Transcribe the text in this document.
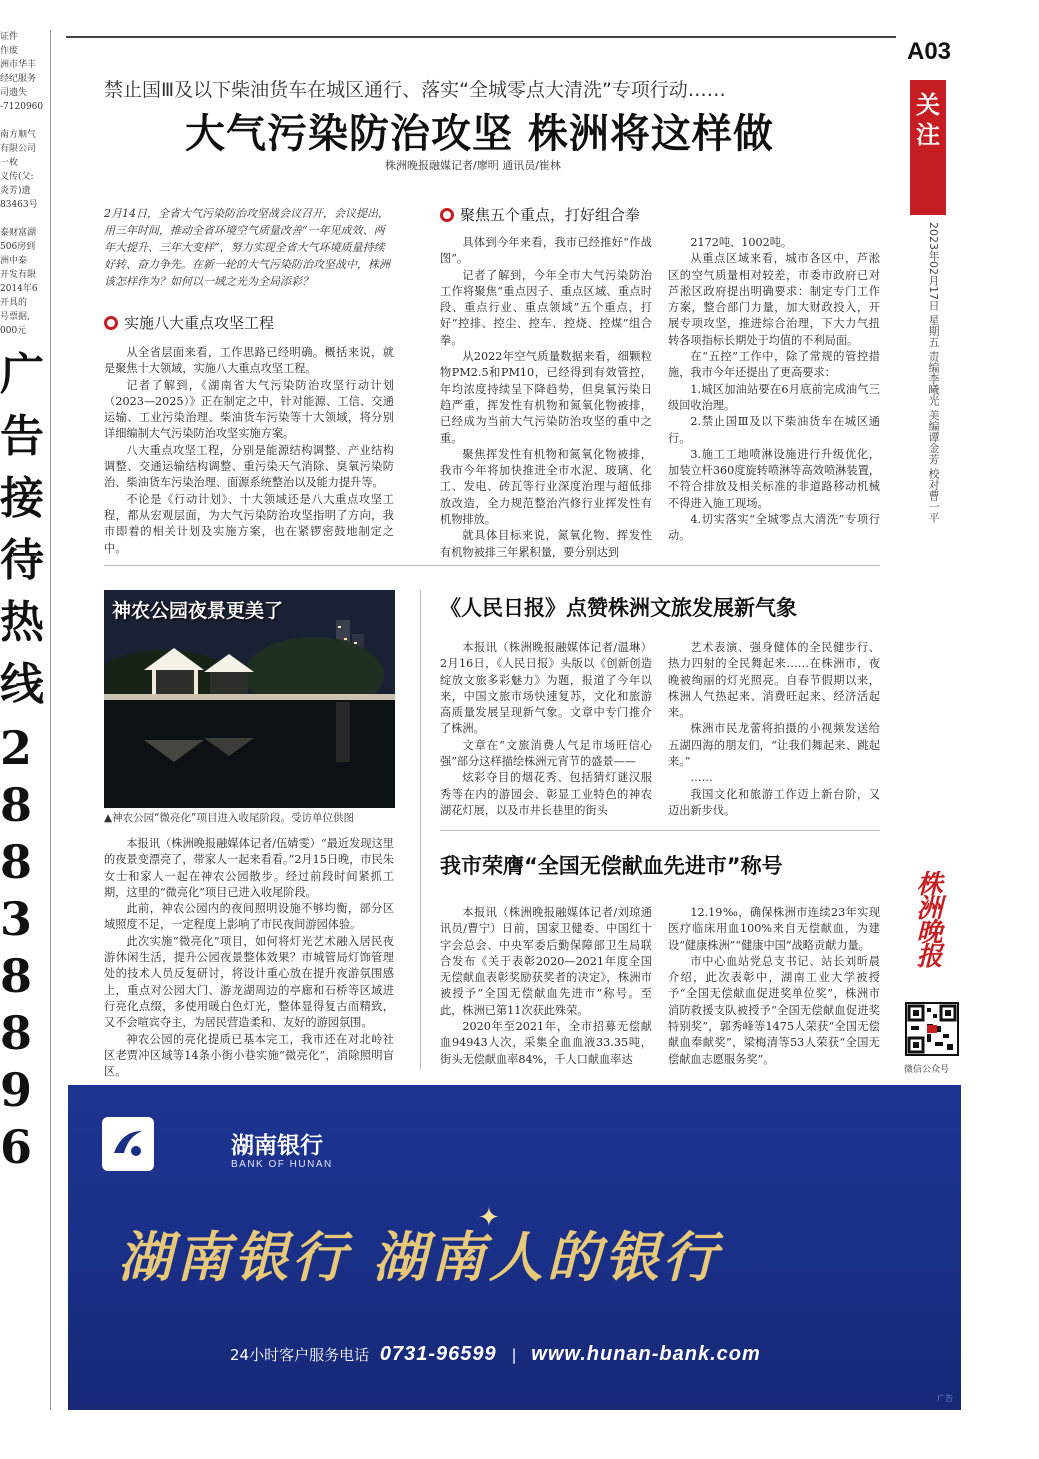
证件
作废
洲市华丰
经纪服务
司遗失
-7120960

南方顺气
有限公司
一枚
义传(父:
炎芳)遗
83463号

泰财富湖
506房到
洲中泰
开发有限
2014年6
开具的
号票据,
000元
广
告
接
待
热
线
2
8
8
3
8
8
9
6
A03
关注
2023年02月17日 星期五 责编李曦光 美编谭金芳 校对曹一平
禁止国Ⅲ及以下柴油货车在城区通行、落实“全城零点大清洗”专项行动……
大气污染防治攻坚 株洲将这样做
株洲晚报融媒记者/廖明 通讯员/崔林
2月14日，全省大气污染防治攻坚战会议召开，会议提出，用三年时间，推动全省环境空气质量改善“一年见成效、两年大提升、三年大变样”，努力实现全省大气环境质量持续好转、奋力争先。在新一轮的大气污染防治攻坚战中，株洲该怎样作为？如何以一域之光为全局添彩？
实施八大重点攻坚工程

从全省层面来看，工作思路已经明确。概括来说，就是聚焦十大领域，实施八大重点攻坚工程。

记者了解到，《湖南省大气污染防治攻坚行动计划（2023—2025）》正在制定之中，针对能源、工信、交通运输、工业污染治理、柴油货车污染等十大领域，将分别详细编制大气污染防治攻坚实施方案。

八大重点攻坚工程，分别是能源结构调整、产业结构调整、交通运输结构调整、重污染天气消除、臭氧污染防治、柴油货车污染治理、面源系统整治以及能力提升等。

不论是《行动计划》、十大领域还是八大重点攻坚工程，都从宏观层面，为大气污染防治攻坚指明了方向，我市即着的相关计划及实施方案，也在紧锣密鼓地制定之中。

聚焦五个重点，打好组合拳

具体到今年来看，我市已经推好“作战图”。

记者了解到，今年全市大气污染防治工作将聚焦“重点因子、重点区域、重点时段、重点行业、重点领域”五个重点，打好“控排、控尘、控车、控烧、控煤”组合拳。

从2022年空气质量数据来看，细颗粒物PM2.5和PM10，已经得到有效管控，年均浓度持续呈下降趋势，但臭氧污染日趋严重，挥发性有机物和氮氧化物被排，已经成为当前大气污染防治攻坚的重中之重。

聚焦挥发性有机物和氮氧化物被排，我市今年将加快推进全市水泥、玻璃、化工、发电、砖瓦等行业深度治理与超低排放改造，全力规范整治汽修行业挥发性有机物排放。

就具体目标来说，氮氧化物、挥发性有机物被排三年累积量，要分别达到

2172吨、1002吨。

从重点区域来看，城市各区中，芦淞区的空气质量相对较差，市委市政府已对芦淞区政府提出明确要求：制定专门工作方案，整合部门力量，加大财政投入，开展专项攻坚，推进综合治理，下大力气扭转各项指标长期处于均值的不利局面。

在“五控”工作中，除了常规的管控措施，我市今年还提出了更高要求：

1.城区加油站要在6月底前完成油气三级回收治理。

2.禁止国Ⅲ及以下柴油货车在城区通行。

3.施工工地喷淋设施进行升级优化，加装立杆360度旋转喷淋等高效喷淋装置，不符合排放及相关标准的非道路移动机械不得进入施工现场。

4.切实落实“全城零点大清洗”专项行动。

神农公园夜景更美了
▲神农公园“微亮化”项目进入收尾阶段。受访单位供图

本报讯（株洲晚报融媒体记者/伍婧雯）“最近发现这里的夜景变漂亮了，带家人一起来看看。”2月15日晚，市民朱女士和家人一起在神农公园散步。经过前段时间紧抓工期，这里的“微亮化”项目已进入收尾阶段。

此前，神农公园内的夜间照明设施不够均衡，部分区域照度不足，一定程度上影响了市民夜间游园体验。

此次实施“微亮化”项目，如何将灯光艺术融入居民夜游休闲生活，提升公园夜景整体效果？市城管局灯饰管理处的技术人员反复研讨，将设计重心放在提升夜游氛围感上，重点对公园大门、游龙湖周边的亭廊和石桥等区域进行亮化点缀，多使用暖白色灯光，整体显得复古而精致，又不会喧宾夺主，为居民营造柔和、友好的游园氛围。

神农公园的亮化提质已基本完工，我市还在对北岭社区老贾冲区域等14条小街小巷实施“微亮化”，消除照明盲区。

《人民日报》点赞株洲文旅发展新气象

本报讯（株洲晚报融媒体记者/温琳）2月16日，《人民日报》头版以《创新创造绽放文旅多彩魅力》为题，报道了今年以来，中国文旅市场快速复苏，文化和旅游高质量发展呈现新气象。文章中专门推介了株洲。

文章在“文旅消费人气足市场旺信心强”部分这样描绘株洲元宵节的盛景——

炫彩夺目的烟花秀、包括猜灯谜汉服秀等在内的游园会、彰显工业特色的神农湖花灯展，以及市井长巷里的街头

艺术表演、强身健体的全民健步行、热力四射的全民舞起来……在株洲市，夜晚被绚丽的灯光照亮。自春节假期以来，株洲人气热起来、消费旺起来、经济活起来。

株洲市民龙蕾将拍摄的小视频发送给五湖四海的朋友们，“让我们舞起来、跳起来。”

……

我国文化和旅游工作迈上新台阶，又迈出新步伐。

我市荣膺“全国无偿献血先进市”称号

本报讯（株洲晚报融媒体记者/刘琼通讯员/曹宁）日前，国家卫健委、中国红十字会总会、中央军委后勤保障部卫生局联合发布《关于表彰2020—2021年度全国无偿献血表彰奖励获奖者的决定》，株洲市被授予“全国无偿献血先进市”称号。至此，株洲已第11次获此殊荣。

2020年至2021年，全市招募无偿献血94943人次，采集全血血液33.35吨，街头无偿献血率84%，千人口献血率达

12.19‰，确保株洲市连续23年实现医疗临床用血100%来自无偿献血，为建设“健康株洲”“健康中国”战略贡献力量。

市中心血站党总支书记、站长刘昕晨介绍，此次表彰中，湖南工业大学被授予“全国无偿献血促进奖单位奖”，株洲市消防救援支队被授予“全国无偿献血促进奖特别奖”，郭秀峰等1475人荣获“全国无偿献血奉献奖”，梁梅清等53人荣获“全国无偿献血志愿服务奖”。

株洲晚报
微信公众号
湖南银行
BANK OF HUNAN
湖南银行 湖南人的银行
✦
24小时客户服务电话 0731-96599 | www.hunan-bank.com
广告
